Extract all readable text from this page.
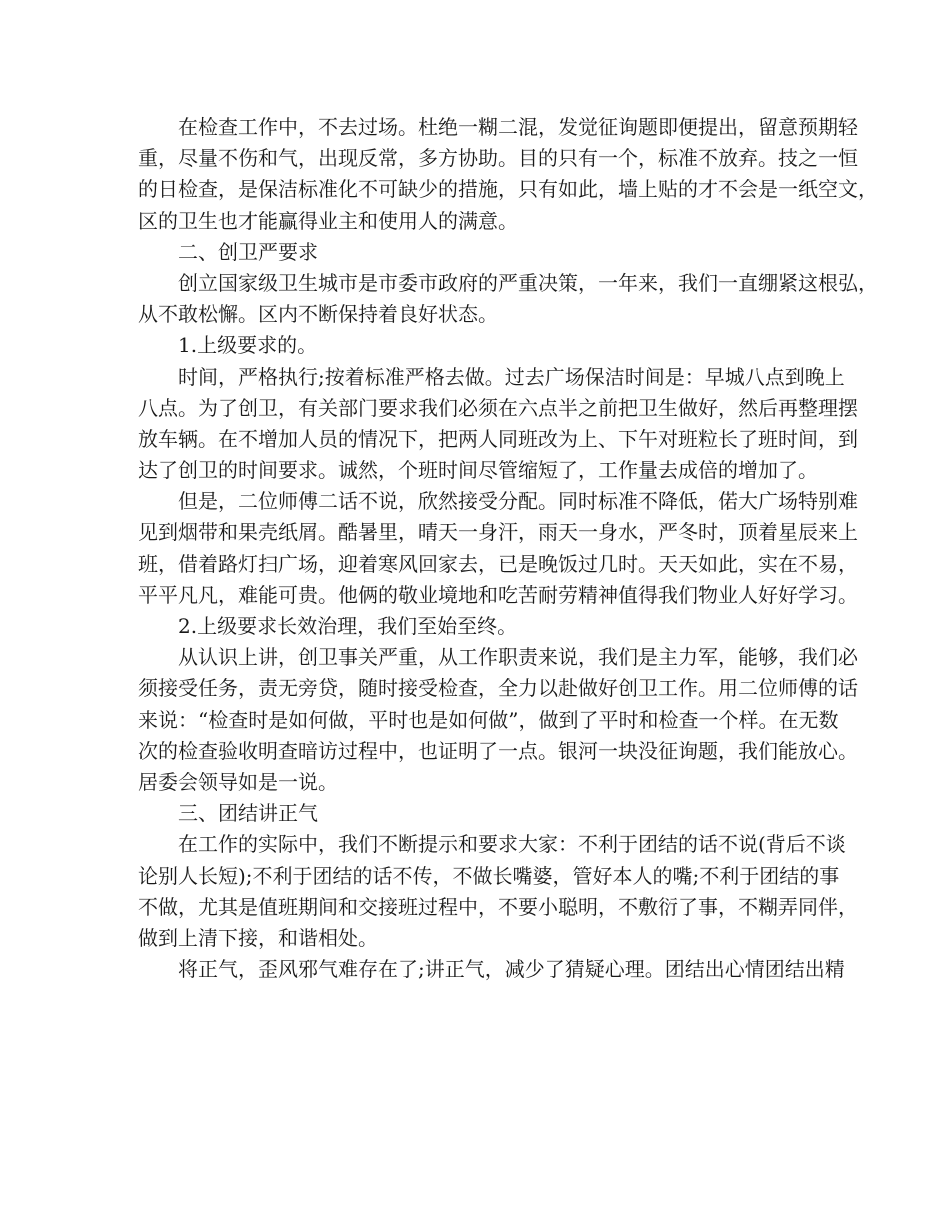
在检查工作中，不去过场。杜绝一糊二混，发觉征询题即便提出，留意预期轻
重，尽量不伤和气，出现反常，多方协助。目的只有一个，标准不放弃。技之一恒
的日检查，是保洁标准化不可缺少的措施，只有如此，墙上贴的才不会是一纸空文，
区的卫生也才能赢得业主和使用人的满意。
二、创卫严要求
创立国家级卫生城市是市委市政府的严重决策，一年来，我们一直绷紧这根弘，
从不敢松懈。区内不断保持着良好状态。
1.上级要求的。
时间，严格执行;按着标准严格去做。过去广场保洁时间是：早城八点到晚上
八点。为了创卫，有关部门要求我们必须在六点半之前把卫生做好，然后再整理摆
放车辆。在不增加人员的情况下，把两人同班改为上、下午对班粒长了班时间，到
达了创卫的时间要求。诚然，个班时间尽管缩短了，工作量去成倍的增加了。
但是，二位师傅二话不说，欣然接受分配。同时标准不降低，偌大广场特别难
见到烟带和果壳纸屑。酷暑里，晴天一身汗，雨天一身水，严冬时，顶着星辰来上
班，借着路灯扫广场，迎着寒风回家去，已是晚饭过几时。天天如此，实在不易，
平平凡凡，难能可贵。他俩的敬业境地和吃苦耐劳精神值得我们物业人好好学习。
2.上级要求长效治理，我们至始至终。
从认识上讲，创卫事关严重，从工作职责来说，我们是主力军，能够，我们必
须接受任务，责无旁贷，随时接受检查，全力以赴做好创卫工作。用二位师傅的话
来说：“检查时是如何做，平时也是如何做”，做到了平时和检查一个样。在无数
次的检查验收明查暗访过程中，也证明了一点。银河一块没征询题，我们能放心。
居委会领导如是一说。
三、团结讲正气
在工作的实际中，我们不断提示和要求大家：不利于团结的话不说(背后不谈
论别人长短);不利于团结的话不传，不做长嘴婆，管好本人的嘴;不利于团结的事
不做，尤其是值班期间和交接班过程中，不要小聪明，不敷衍了事，不糊弄同伴，
做到上清下接，和谐相处。
将正气，歪风邪气难存在了;讲正气，减少了猜疑心理。团结出心情团结出精
